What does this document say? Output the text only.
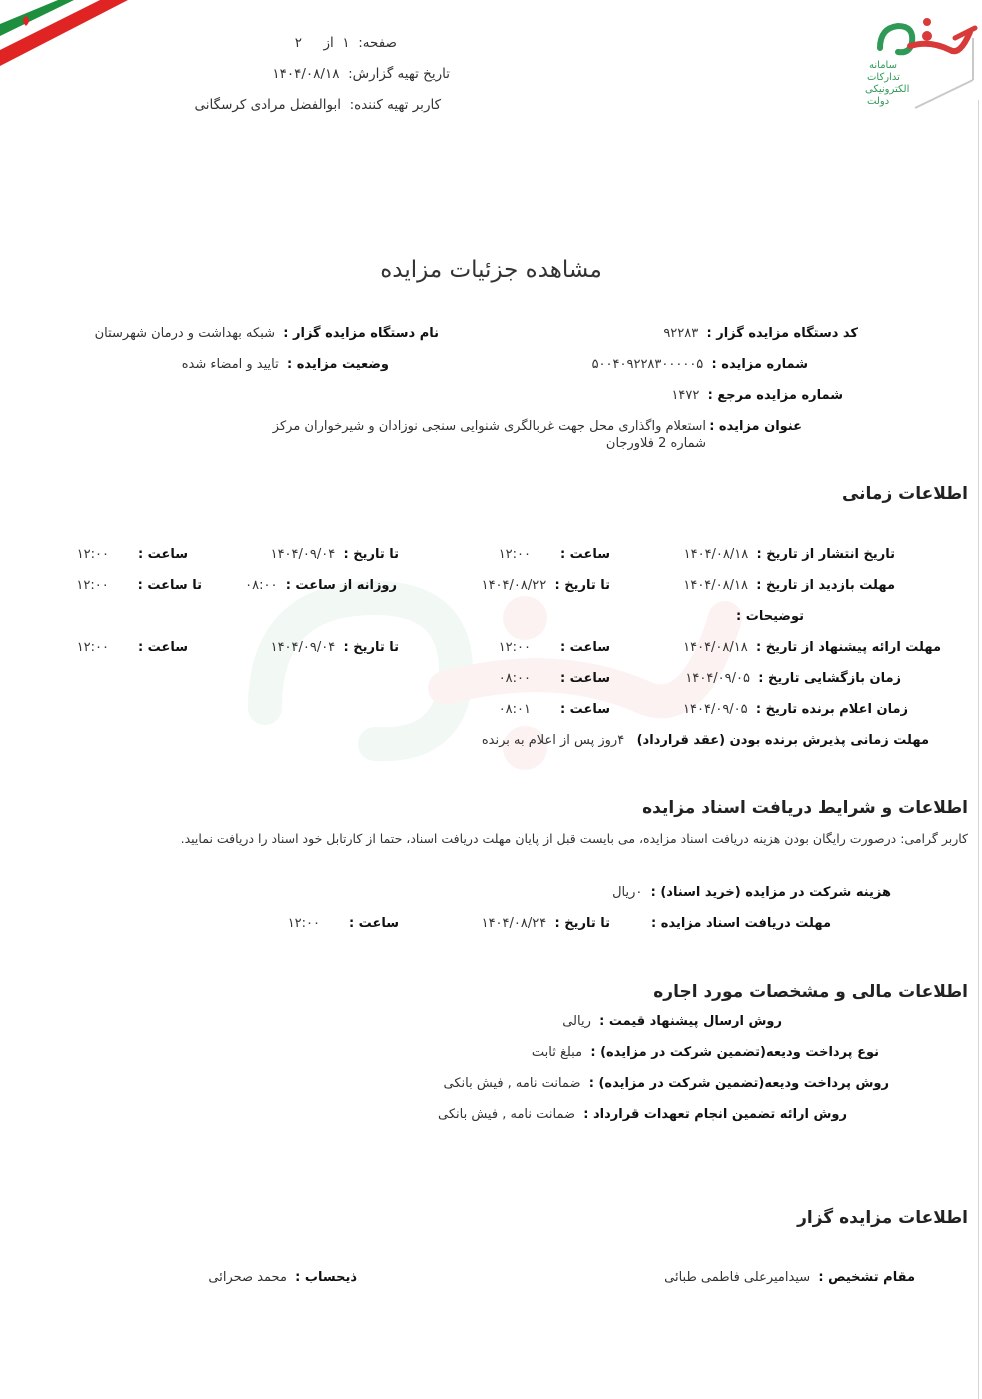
سامانه
تدارکات
الکترونیکی
دولت
صفحه:  ۱  از     ۲
تاریخ تهیه گزارش:  ۱۴۰۴/۰۸/۱۸
کاربر تهیه کننده:  ابوالفضل مرادی کرسگانی
مشاهده جزئیات مزایده
کد دستگاه مزایده گزار :  ۹۲۲۸۳
نام دستگاه مزایده گزار :  شبکه بهداشت و درمان شهرستان
شماره مزایده :  ۵۰۰۴۰۹۲۲۸۳۰۰۰۰۰۵
وضعیت مزایده :  تایید و امضاء شده
شماره مزایده مرجع :  ۱۴۷۲
عنوان مزایده :
استعلام واگذاری محل جهت غربالگری شنوایی سنجی نوزادان و شیرخواران مرکز
شماره 2 فلاورجان
اطلاعات زمانی
تاریخ انتشار از تاریخ :  ۱۴۰۴/۰۸/۱۸
ساعت :       ۱۲:۰۰
تا تاریخ :  ۱۴۰۴/۰۹/۰۴
ساعت :       ۱۲:۰۰
مهلت بازدید از تاریخ :  ۱۴۰۴/۰۸/۱۸
تا تاریخ :  ۱۴۰۴/۰۸/۲۲
روزانه از ساعت :  ۰۸:۰۰
تا ساعت :       ۱۲:۰۰
توضیحات :
مهلت ارائه پیشنهاد از تاریخ :  ۱۴۰۴/۰۸/۱۸
ساعت :       ۱۲:۰۰
تا تاریخ :  ۱۴۰۴/۰۹/۰۴
ساعت :       ۱۲:۰۰
زمان بازگشایی تاریخ :  ۱۴۰۴/۰۹/۰۵
ساعت :       ۰۸:۰۰
زمان اعلام برنده تاریخ :  ۱۴۰۴/۰۹/۰۵
ساعت :       ۰۸:۰۱
مهلت زمانی پذیرش برنده بودن (عقد قرارداد)   ۴روز پس از اعلام به برنده
اطلاعات و شرایط دریافت اسناد مزایده
کاربر گرامی: درصورت رایگان بودن هزینه دریافت اسناد مزایده، می بایست قبل از پایان مهلت دریافت اسناد، حتما از کارتابل خود اسناد را دریافت نمایید.
هزینه شرکت در مزایده (خرید اسناد) :  ۰ریال
مهلت دریافت اسناد مزایده :
تا تاریخ :  ۱۴۰۴/۰۸/۲۴
ساعت :       ۱۲:۰۰
اطلاعات مالی و مشخصات مورد اجاره
روش ارسال پیشنهاد قیمت :  ریالی
نوع پرداخت ودیعه(تضمین شرکت در مزایده) :  مبلغ ثابت
روش پرداخت ودیعه(تضمین شرکت در مزایده) :  ضمانت نامه , فیش بانکی
روش ارائه تضمین انجام تعهدات قرارداد :  ضمانت نامه , فیش بانکی
اطلاعات مزایده گزار
مقام تشخیص :  سیدامیرعلی فاطمی طبائی
ذیحساب :  محمد صحرائی
